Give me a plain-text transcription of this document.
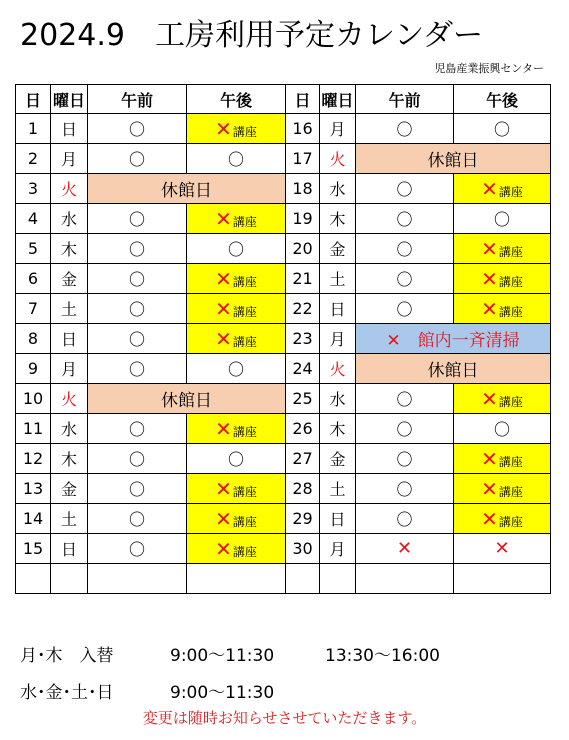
2024.9　工房利用予定カレンダー
児島産業振興センター
日	曜日	午前	午後
1	日	〇	✕講座
2	月	〇	〇
3	火	休館日	
4	水	〇	✕講座
5	木	〇	〇
6	金	〇	✕講座
7	土	〇	✕講座
8	日	〇	✕講座
9	月	〇	〇
10	火	休館日	
11	水	〇	✕講座
12	木	〇	〇
13	金	〇	✕講座
14	土	〇	✕講座
15	日	〇	✕講座

日	曜日	午前	午後
16	月	〇	〇
17	火	休館日	
18	水	〇	✕講座
19	木	〇	〇
20	金	〇	✕講座
21	土	〇	✕講座
22	日	〇	✕講座
23	月	✕　館内一斉清掃	
24	火	休館日	
25	水	〇	✕講座
26	木	〇	〇
27	金	〇	✕講座
28	土	〇	✕講座
29	日	〇	✕講座
30	月	✕	✕

月･木　入替	9:00～11:30	13:30～16:00
水･金･土･日	9:00～11:30
変更は随時お知らせさせていただきます。
